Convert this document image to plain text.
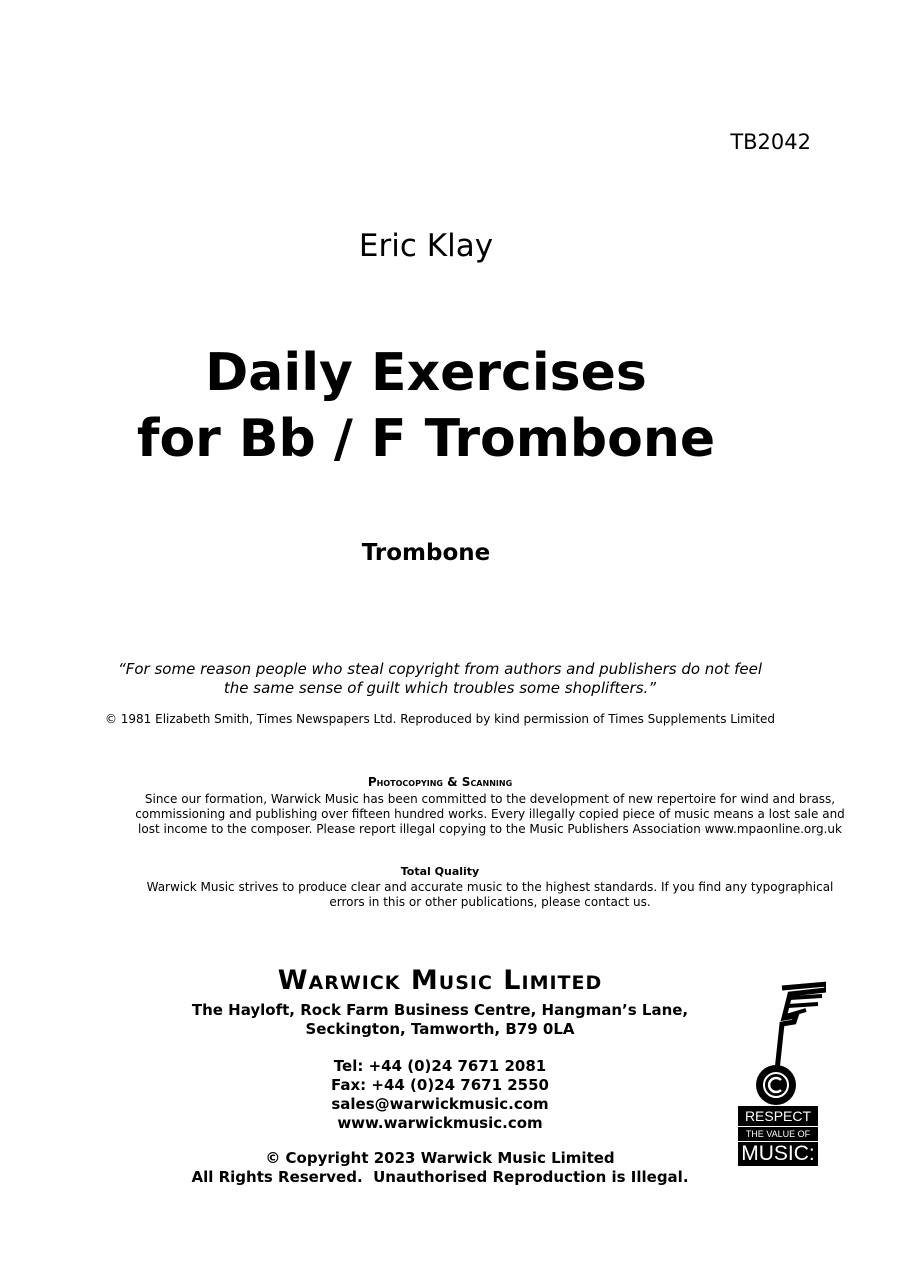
TB2042
Eric Klay
Daily Exercises
for Bb / F Trombone
Trombone
“For some reason people who steal copyright from authors and publishers do not feel
the same sense of guilt which troubles some shoplifters.”
© 1981 Elizabeth Smith, Times Newspapers Ltd. Reproduced by kind permission of Times Supplements Limited
Photocopying & Scanning
Since our formation, Warwick Music has been committed to the development of new repertoire for wind and brass,
commissioning and publishing over fifteen hundred works. Every illegally copied piece of music means a lost sale and
lost income to the composer. Please report illegal copying to the Music Publishers Association www.mpaonline.org.uk
Total Quality
Warwick Music strives to produce clear and accurate music to the highest standards. If you find any typographical
errors in this or other publications, please contact us.
Warwick Music Limited
The Hayloft, Rock Farm Business Centre, Hangman’s Lane,
Seckington, Tamworth, B79 0LA
Tel: +44 (0)24 7671 2081
Fax: +44 (0)24 7671 2550
sales@warwickmusic.com
www.warwickmusic.com
© Copyright 2023 Warwick Music Limited
All Rights Reserved.  Unauthorised Reproduction is Illegal.
RESPECT
THE VALUE OF
MUSIC:
